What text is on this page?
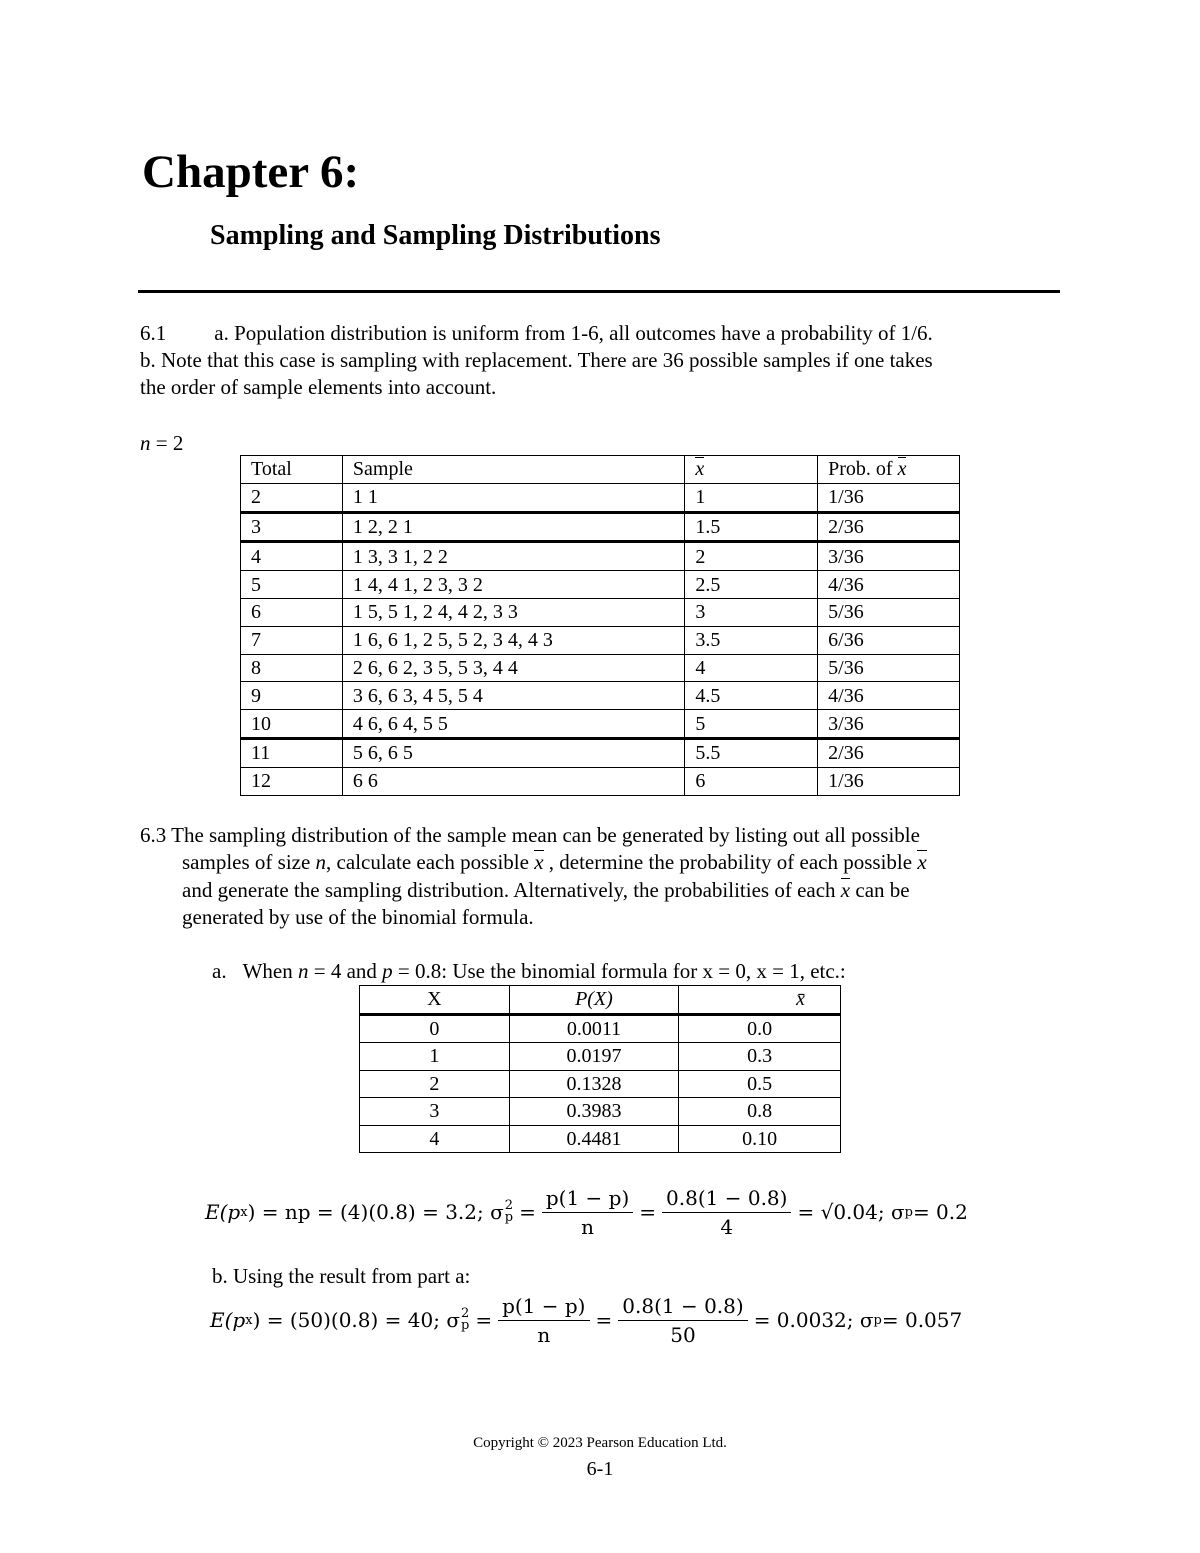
Chapter 6:
Sampling and Sampling Distributions
6.1 a. Population distribution is uniform from 1-6, all outcomes have a probability of 1/6.
b. Note that this case is sampling with replacement. There are 36 possible samples if one takes
the order of sample elements into account.
n = 2
Total	Sample	x	Prob. of x
2	1 1	1	1/36
3	1 2, 2 1	1.5	2/36
4	1 3, 3 1, 2 2	2	3/36
5	1 4, 4 1, 2 3, 3 2	2.5	4/36
6	1 5, 5 1, 2 4, 4 2, 3 3	3	5/36
7	1 6, 6 1, 2 5, 5 2, 3 4, 4 3	3.5	6/36
8	2 6, 6 2, 3 5, 5 3, 4 4	4	5/36
9	3 6, 6 3, 4 5, 5 4	4.5	4/36
10	4 6, 6 4, 5 5	5	3/36
11	5 6, 6 5	5.5	2/36
12	6 6	6	1/36
6.3 The sampling distribution of the sample mean can be generated by listing out all possible
samples of size n, calculate each possible x , determine the probability of each possible x
and generate the sampling distribution. Alternatively, the probabilities of each x can be
generated by use of the binomial formula.
a. When n = 4 and p = 0.8: Use the binomial formula for x = 0, x = 1, etc.:
X	P(X)	x̄
0	0.0011	0.0
1	0.0197	0.3
2	0.1328	0.5
3	0.3983	0.8
4	0.4481	0.10
E(p x ) = np = (4)(0.8) = 3.2; σ 2
$p = \frac{p(1 - p)}{n} = \frac{0.8(1 - 0.8)}{4} = √0.04$; σ p = 0.2
b. Using the result from part a:
E(p x ) = (50)(0.8) = 40; σ 2
$p = \frac{p(1 - p)}{n} = \frac{0.8(1 - 0.8)}{50} = 0.0032$; σ p = 0.057
Copyright © 2023 Pearson Education Ltd.
6-1
